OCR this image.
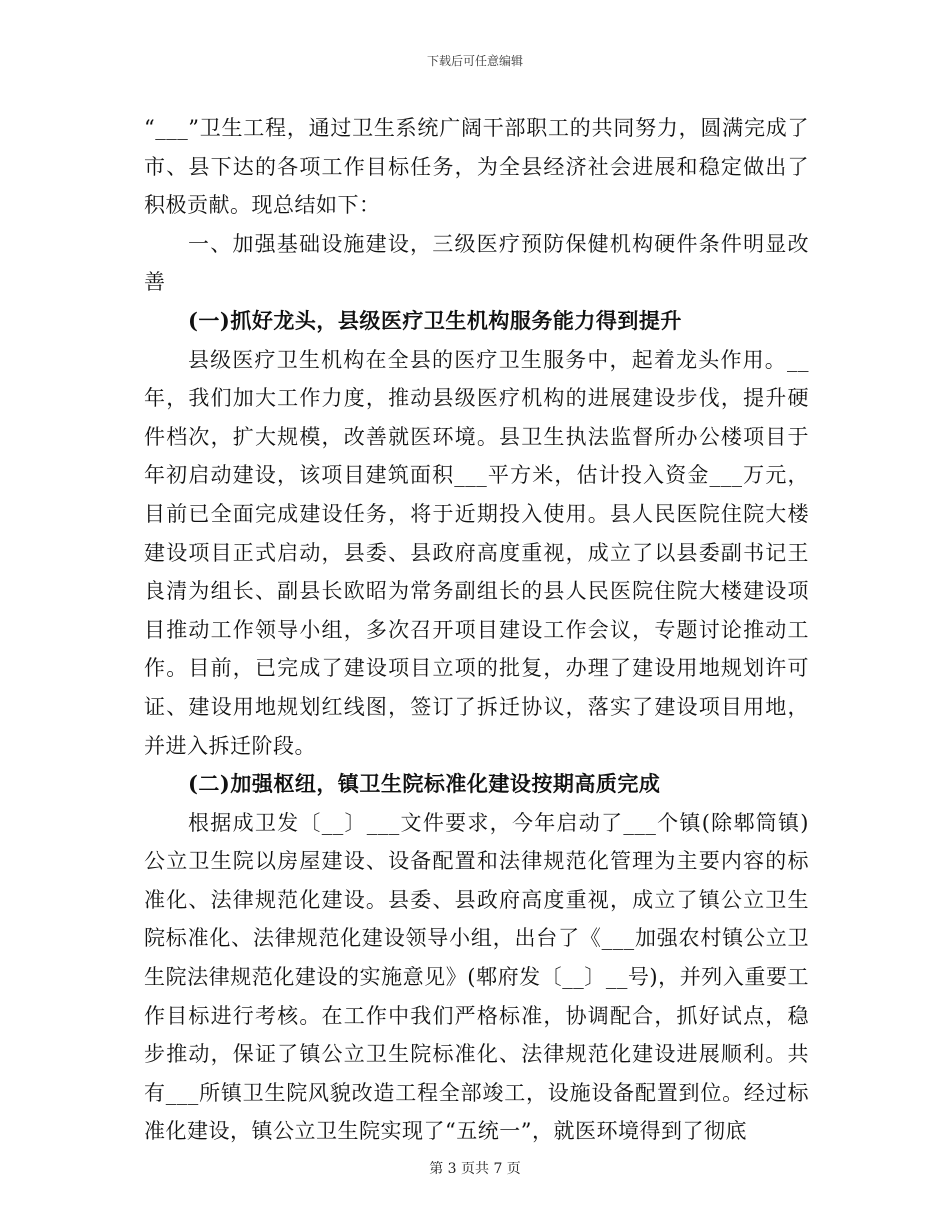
下载后可任意编辑

“___”卫生工程，通过卫生系统广阔干部职工的共同努力，圆满完成了市、县下达的各项工作目标任务，为全县经济社会进展和稳定做出了积极贡献。现总结如下：

一、加强基础设施建设，三级医疗预防保健机构硬件条件明显改善

(一)抓好龙头，县级医疗卫生机构服务能力得到提升

县级医疗卫生机构在全县的医疗卫生服务中，起着龙头作用。__年，我们加大工作力度，推动县级医疗机构的进展建设步伐，提升硬件档次，扩大规模，改善就医环境。县卫生执法监督所办公楼项目于年初启动建设，该项目建筑面积___平方米，估计投入资金___万元，目前已全面完成建设任务，将于近期投入使用。县人民医院住院大楼建设项目正式启动，县委、县政府高度重视，成立了以县委副书记王良清为组长、副县长欧昭为常务副组长的县人民医院住院大楼建设项目推动工作领导小组，多次召开项目建设工作会议，专题讨论推动工作。目前，已完成了建设项目立项的批复，办理了建设用地规划许可证、建设用地规划红线图，签订了拆迁协议，落实了建设项目用地，并进入拆迁阶段。

(二)加强枢纽，镇卫生院标准化建设按期高质完成

根据成卫发〔__〕___文件要求，今年启动了___个镇(除郫筒镇)公立卫生院以房屋建设、设备配置和法律规范化管理为主要内容的标准化、法律规范化建设。县委、县政府高度重视，成立了镇公立卫生院标准化、法律规范化建设领导小组，出台了《___加强农村镇公立卫生院法律规范化建设的实施意见》(郫府发〔__〕__号)，并列入重要工作目标进行考核。在工作中我们严格标准，协调配合，抓好试点，稳步推动，保证了镇公立卫生院标准化、法律规范化建设进展顺利。共有___所镇卫生院风貌改造工程全部竣工，设施设备配置到位。经过标准化建设，镇公立卫生院实现了“五统一”，就医环境得到了彻底

第 3 页共 7 页
